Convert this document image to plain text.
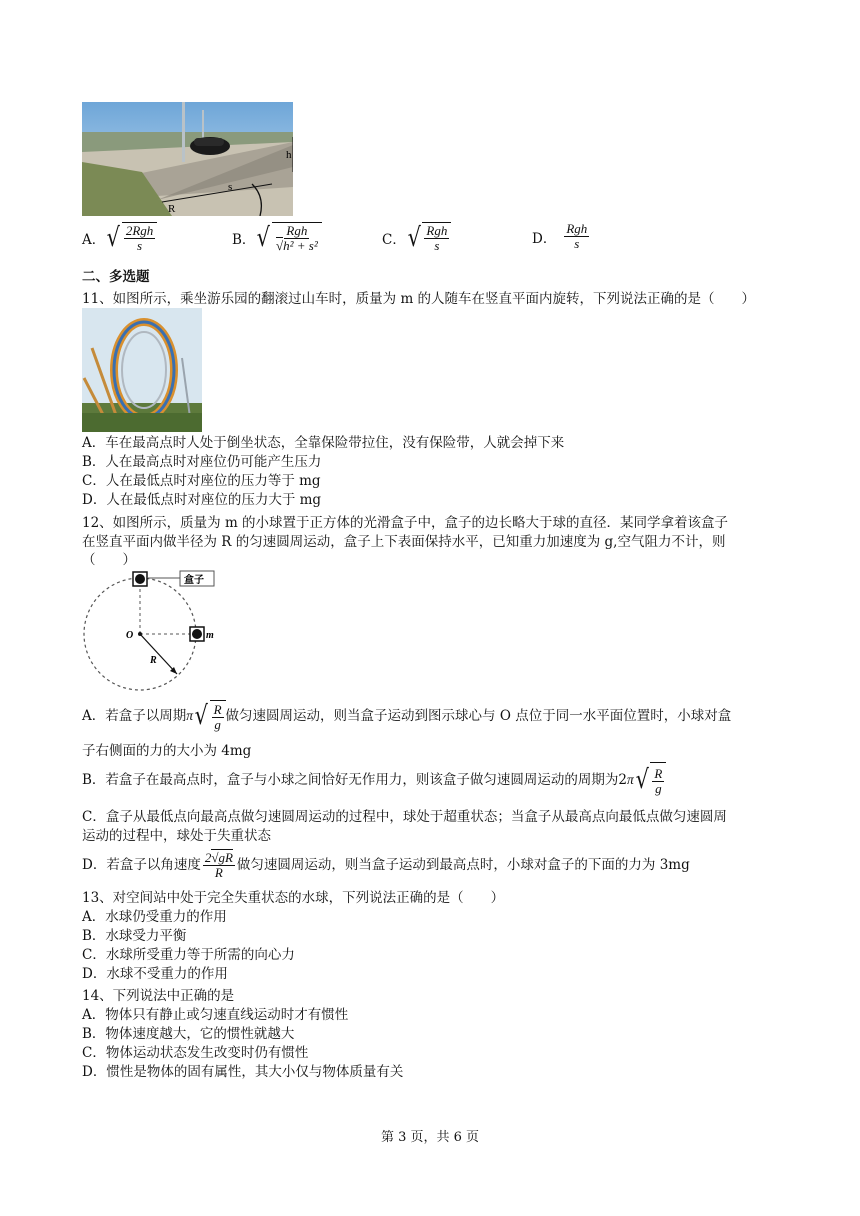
h
s
R
A． √ $\frac{\text{2Rgh}}{s}$	B． √ $\frac{\text{Rgh}}{\text{√h² + s²}}$	C． √ $\frac{\text{Rgh}}{s}$	D． $\frac{\text{Rgh}}{s}$
二、多选题
11、如图所示，乘坐游乐园的翻滚过山车时，质量为 m 的人随车在竖直平面内旋转，下列说法正确的是（　　）
A．车在最高点时人处于倒坐状态，全靠保险带拉住，没有保险带，人就会掉下来
B．人在最高点时对座位仍可能产生压力
C．人在最低点时对座位的压力等于 mg
D．人在最低点时对座位的压力大于 mg
12、如图所示，质量为 m 的小球置于正方体的光滑盒子中，盒子的边长略大于球的直径．某同学拿着该盒子
在竖直平面内做半径为 R 的匀速圆周运动，盒子上下表面保持水平，已知重力加速度为 g,空气阻力不计，则
（　　）
盒子
O	m
R
A．若盒子以周期 π √ $\frac{R}{g}$ 做匀速圆周运动，则当盒子运动到图示球心与 O 点位于同一水平面位置时，小球对盒
子右侧面的力的大小为 4mg
B．若盒子在最高点时，盒子与小球之间恰好无作用力，则该盒子做匀速圆周运动的周期为 2 π √ $\frac{R}{g}$
C．盒子从最低点向最高点做匀速圆周运动的过程中，球处于超重状态；当盒子从最高点向最低点做匀速圆周
运动的过程中，球处于失重状态
D．若盒子以角速度 $\frac{2√gR}{R}$ 做匀速圆周运动，则当盒子运动到最高点时，小球对盒子的下面的力为 3mg
13、对空间站中处于完全失重状态的水球，下列说法正确的是（　　）
A．水球仍受重力的作用
B．水球受力平衡
C．水球所受重力等于所需的向心力
D．水球不受重力的作用
14、下列说法中正确的是
A．物体只有静止或匀速直线运动时才有惯性
B．物体速度越大，它的惯性就越大
C．物体运动状态发生改变时仍有惯性
D．惯性是物体的固有属性，其大小仅与物体质量有关
第 3 页，共 6 页
